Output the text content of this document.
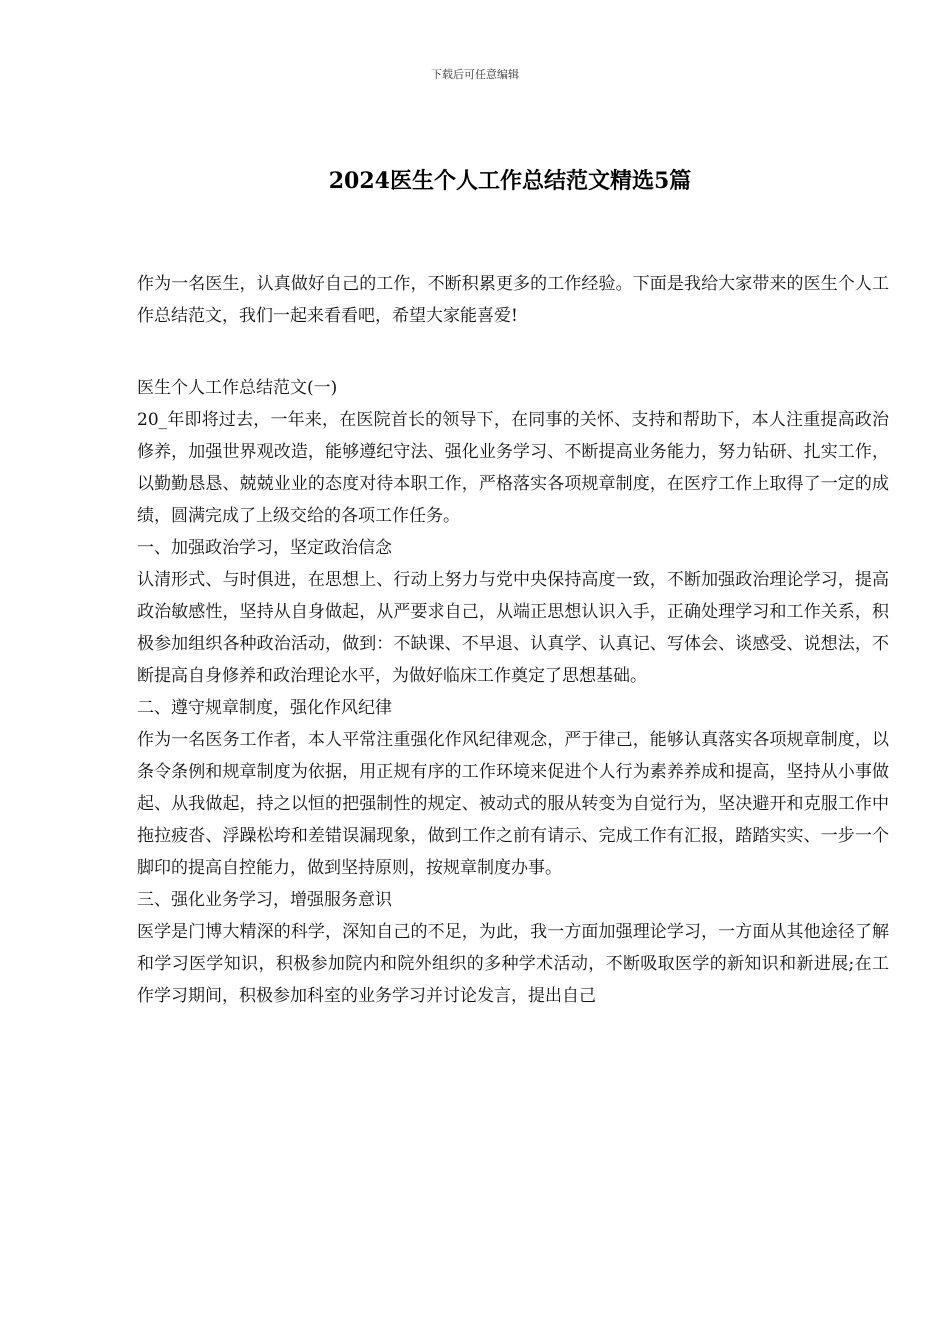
下载后可任意编辑
2024医生个人工作总结范文精选5篇

作为一名医生，认真做好自己的工作，不断积累更多的工作经验。下面是我给大家带来的医生个人工作总结范文，我们一起来看看吧，希望大家能喜爱!

医生个人工作总结范文(一)

20_年即将过去，一年来，在医院首长的领导下，在同事的关怀、支持和帮助下，本人注重提高政治修养，加强世界观改造，能够遵纪守法、强化业务学习、不断提高业务能力，努力钻研、扎实工作，以勤勤恳恳、兢兢业业的态度对待本职工作，严格落实各项规章制度，在医疗工作上取得了一定的成绩，圆满完成了上级交给的各项工作任务。

一、加强政治学习，坚定政治信念

认清形式、与时俱进，在思想上、行动上努力与党中央保持高度一致，不断加强政治理论学习，提高政治敏感性，坚持从自身做起，从严要求自己，从端正思想认识入手，正确处理学习和工作关系，积极参加组织各种政治活动，做到：不缺课、不早退、认真学、认真记、写体会、谈感受、说想法，不断提高自身修养和政治理论水平，为做好临床工作奠定了思想基础。

二、遵守规章制度，强化作风纪律

作为一名医务工作者，本人平常注重强化作风纪律观念，严于律己，能够认真落实各项规章制度，以条令条例和规章制度为依据，用正规有序的工作环境来促进个人行为素养养成和提高，坚持从小事做起、从我做起，持之以恒的把强制性的规定、被动式的服从转变为自觉行为，坚决避开和克服工作中拖拉疲沓、浮躁松垮和差错误漏现象，做到工作之前有请示、完成工作有汇报，踏踏实实、一步一个脚印的提高自控能力，做到坚持原则，按规章制度办事。

三、强化业务学习，增强服务意识

医学是门博大精深的科学，深知自己的不足，为此，我一方面加强理论学习，一方面从其他途径了解和学习医学知识，积极参加院内和院外组织的多种学术活动，不断吸取医学的新知识和新进展;在工作学习期间，积极参加科室的业务学习并讨论发言，提出自己
